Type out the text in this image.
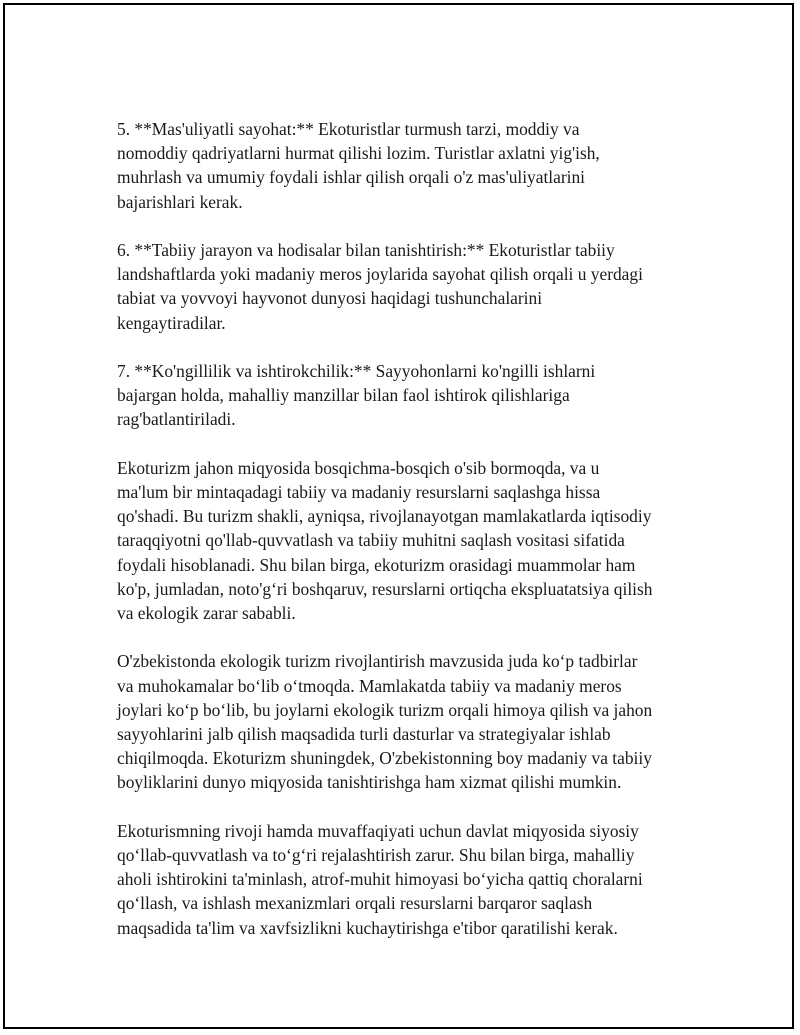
5. **Mas'uliyatli sayohat:** Ekoturistlar turmush tarzi, moddiy va
nomoddiy qadriyatlarni hurmat qilishi lozim. Turistlar axlatni yig'ish,
muhrlash va umumiy foydali ishlar qilish orqali o'z mas'uliyatlarini
bajarishlari kerak.

6. **Tabiiy jarayon va hodisalar bilan tanishtirish:** Ekoturistlar tabiiy
landshaftlarda yoki madaniy meros joylarida sayohat qilish orqali u yerdagi
tabiat va yovvoyi hayvonot dunyosi haqidagi tushunchalarini
kengaytiradilar.

7. **Ko'ngillilik va ishtirokchilik:** Sayyohonlarni ko'ngilli ishlarni
bajargan holda, mahalliy manzillar bilan faol ishtirok qilishlariga
rag'batlantiriladi.

Ekoturizm jahon miqyosida bosqichma-bosqich o'sib bormoqda, va u
ma'lum bir mintaqadagi tabiiy va madaniy resurslarni saqlashga hissa
qo'shadi. Bu turizm shakli, ayniqsa, rivojlanayotgan mamlakatlarda iqtisodiy
taraqqiyotni qo'llab-quvvatlash va tabiiy muhitni saqlash vositasi sifatida
foydali hisoblanadi. Shu bilan birga, ekoturizm orasidagi muammolar ham
ko'p, jumladan, noto'g‘ri boshqaruv, resurslarni ortiqcha ekspluatatsiya qilish
va ekologik zarar sababli.

O'zbekistonda ekologik turizm rivojlantirish mavzusida juda ko‘p tadbirlar
va muhokamalar bo‘lib o‘tmoqda. Mamlakatda tabiiy va madaniy meros
joylari ko‘p bo‘lib, bu joylarni ekologik turizm orqali himoya qilish va jahon
sayyohlarini jalb qilish maqsadida turli dasturlar va strategiyalar ishlab
chiqilmoqda. Ekoturizm shuningdek, O'zbekistonning boy madaniy va tabiiy
boyliklarini dunyo miqyosida tanishtirishga ham xizmat qilishi mumkin.

Ekoturismning rivoji hamda muvaffaqiyati uchun davlat miqyosida siyosiy
qo‘llab-quvvatlash va to‘g‘ri rejalashtirish zarur. Shu bilan birga, mahalliy
aholi ishtirokini ta'minlash, atrof-muhit himoyasi bo‘yicha qattiq choralarni
qo‘llash, va ishlash mexanizmlari orqali resurslarni barqaror saqlash
maqsadida ta'lim va xavfsizlikni kuchaytirishga e'tibor qaratilishi kerak.
